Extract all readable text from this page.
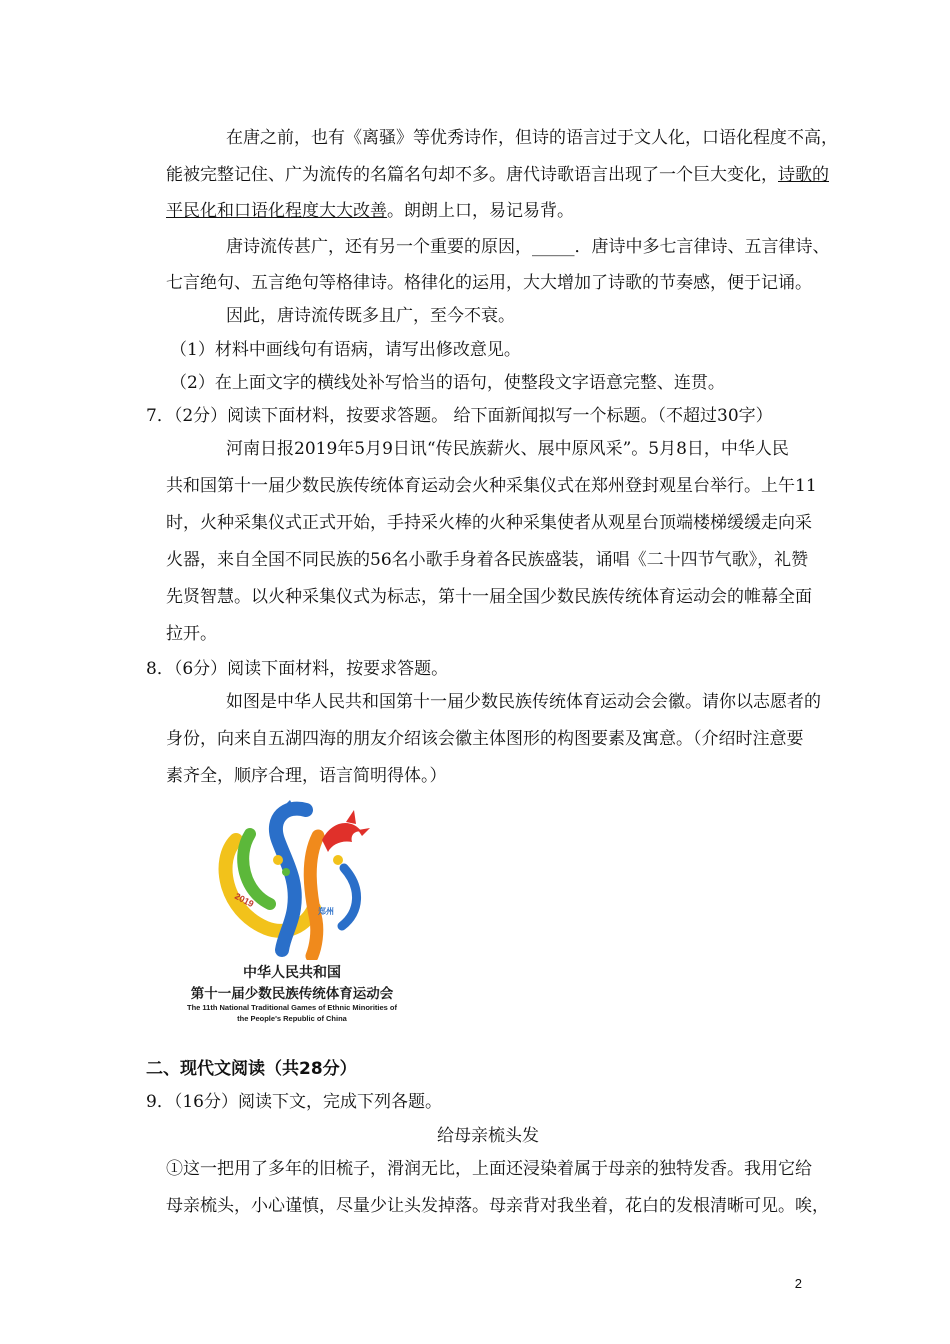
在唐之前，也有《离骚》等优秀诗作，但诗的语言过于文人化，口语化程度不高，
能被完整记住、广为流传的名篇名句却不多。唐代诗歌语言出现了一个巨大变化，诗歌的
平民化和口语化程度大大改善。朗朗上口，易记易背。
唐诗流传甚广，还有另一个重要的原因，_____．唐诗中多七言律诗、五言律诗、
七言绝句、五言绝句等格律诗。格律化的运用，大大增加了诗歌的节奏感，便于记诵。
因此，唐诗流传既多且广，至今不衰。
（1）材料中画线句有语病，请写出修改意见。
（2）在上面文字的横线处补写恰当的语句，使整段文字语意完整、连贯。
7．（2分）阅读下面材料，按要求答题。 给下面新闻拟写一个标题。（不超过30字）
河南日报2019年5月9日讯“传民族薪火、展中原风采”。5月8日，中华人民
共和国第十一届少数民族传统体育运动会火种采集仪式在郑州登封观星台举行。上午11
时，火种采集仪式正式开始，手持采火棒的火种采集使者从观星台顶端楼梯缓缓走向采
火器，来自全国不同民族的56名小歌手身着各民族盛装，诵唱《二十四节气歌》，礼赞
先贤智慧。以火种采集仪式为标志，第十一届全国少数民族传统体育运动会的帷幕全面
拉开。
8．（6分）阅读下面材料，按要求答题。
如图是中华人民共和国第十一届少数民族传统体育运动会会徽。请你以志愿者的
身份，向来自五湖四海的朋友介绍该会徽主体图形的构图要素及寓意。（介绍时注意要
素齐全，顺序合理，语言简明得体。）
2019
郑州
中华人民共和国
第十一届少数民族传统体育运动会
The 11th National Traditional Games of Ethnic Minorities of
the People's Republic of China
二、现代文阅读（共28分）
9．（16分）阅读下文，完成下列各题。
给母亲梳头发
①这一把用了多年的旧梳子，滑润无比，上面还浸染着属于母亲的独特发香。我用它给
母亲梳头，小心谨慎，尽量少让头发掉落。母亲背对我坐着，花白的发根清晰可见。唉，
2
